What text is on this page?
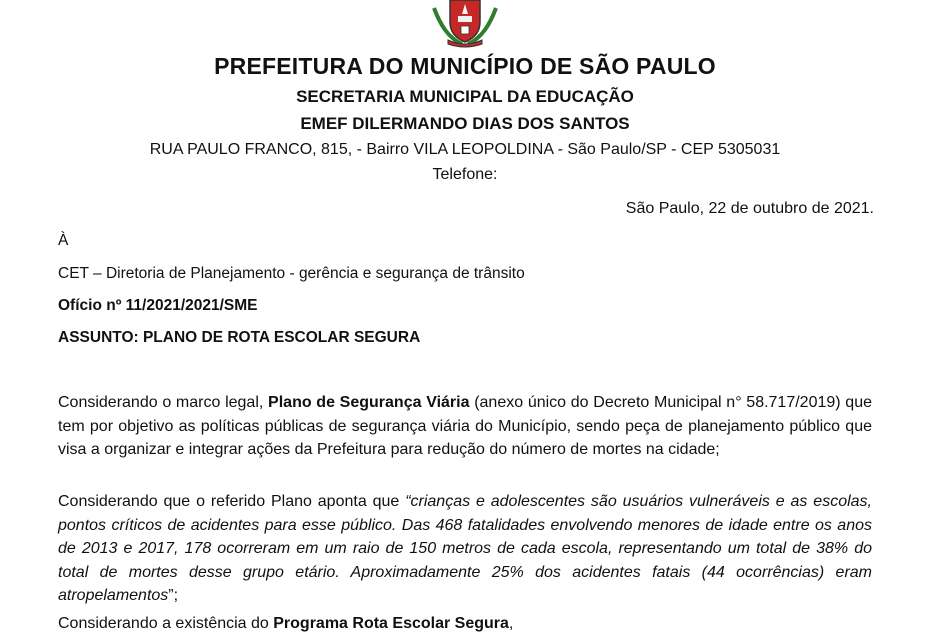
PREFEITURA DO MUNICÍPIO DE SÃO PAULO
SECRETARIA MUNICIPAL DA EDUCAÇÃO
EMEF DILERMANDO DIAS DOS SANTOS
RUA PAULO FRANCO, 815, - Bairro VILA LEOPOLDINA - São Paulo/SP - CEP 5305031
Telefone:
São Paulo, 22 de outubro de 2021.
À
CET – Diretoria de Planejamento - gerência e segurança de trânsito
Ofício nº 11/2021/2021/SME
ASSUNTO: PLANO DE ROTA ESCOLAR SEGURA

Considerando o marco legal, Plano de Segurança Viária (anexo único do Decreto Municipal n° 58.717/2019) que tem por objetivo as políticas públicas de segurança viária do Município, sendo peça de planejamento público que visa a organizar e integrar ações da Prefeitura para redução do número de mortes na cidade;

Considerando que o referido Plano aponta que “crianças e adolescentes são usuários vulneráveis e as escolas, pontos críticos de acidentes para esse público. Das 468 fatalidades envolvendo menores de idade entre os anos de 2013 e 2017, 178 ocorreram em um raio de 150 metros de cada escola, representando um total de 38% do total de mortes desse grupo etário. Aproximadamente 25% dos acidentes fatais (44 ocorrências) eram atropelamentos”;

Considerando a existência do Programa Rota Escolar Segura,
